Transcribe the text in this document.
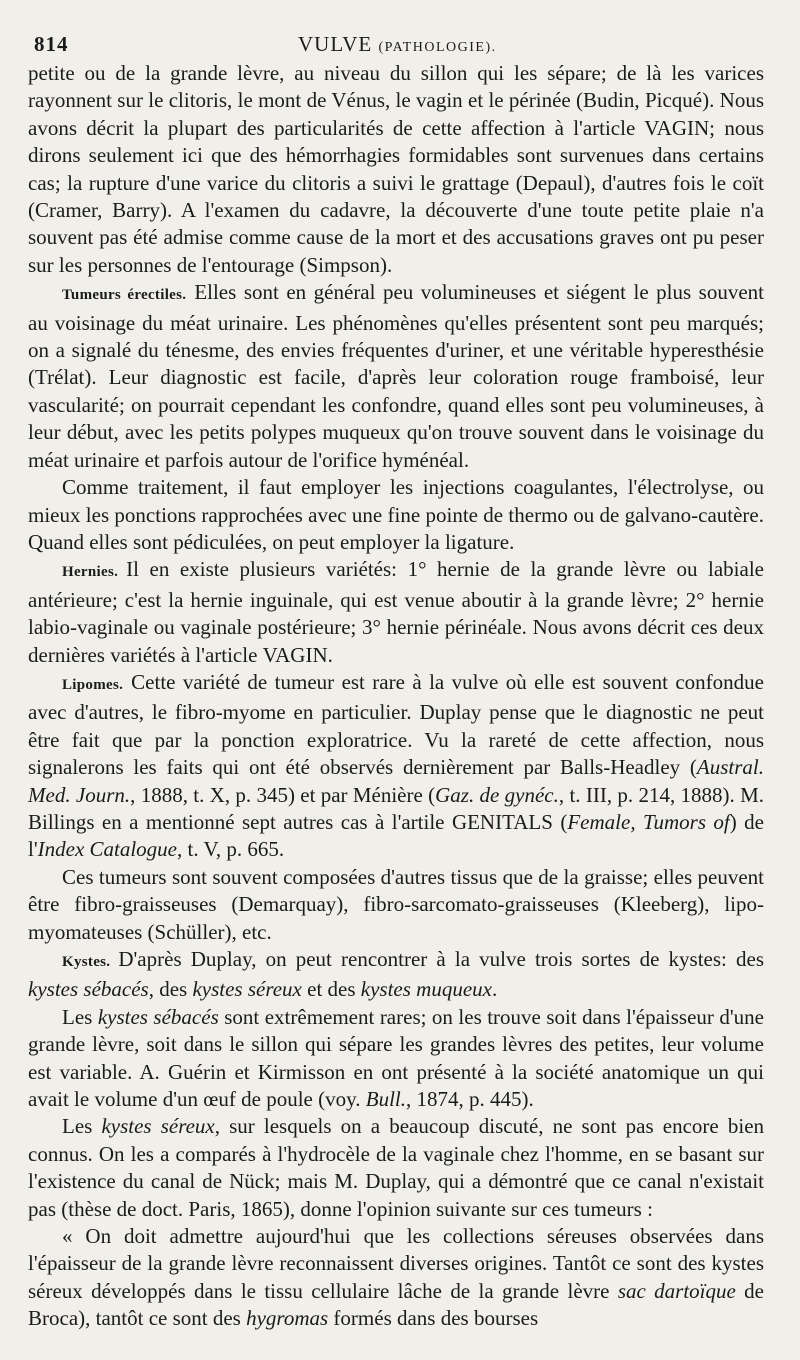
814	VULVE (PATHOLOGIE).

petite ou de la grande lèvre, au niveau du sillon qui les sépare; de là les varices rayonnent sur le clitoris, le mont de Vénus, le vagin et le périnée (Budin, Picqué). Nous avons décrit la plupart des particularités de cette affection à l'article VAGIN; nous dirons seulement ici que des hémorrhagies formidables sont survenues dans certains cas; la rupture d'une varice du clitoris a suivi le grattage (Depaul), d'autres fois le coït (Cramer, Barry). A l'examen du cadavre, la découverte d'une toute petite plaie n'a souvent pas été admise comme cause de la mort et des accusations graves ont pu peser sur les personnes de l'entourage (Simpson).

Tumeurs érectiles. Elles sont en général peu volumineuses et siégent le plus souvent au voisinage du méat urinaire. Les phénomènes qu'elles présentent sont peu marqués; on a signalé du ténesme, des envies fréquentes d'uriner, et une véritable hyperesthésie (Trélat). Leur diagnostic est facile, d'après leur coloration rouge framboisé, leur vascularité; on pourrait cependant les confondre, quand elles sont peu volumineuses, à leur début, avec les petits polypes muqueux qu'on trouve souvent dans le voisinage du méat urinaire et parfois autour de l'orifice hyménéal.

Comme traitement, il faut employer les injections coagulantes, l'électrolyse, ou mieux les ponctions rapprochées avec une fine pointe de thermo ou de galvano-cautère. Quand elles sont pédiculées, on peut employer la ligature.

Hernies. Il en existe plusieurs variétés: 1° hernie de la grande lèvre ou labiale antérieure; c'est la hernie inguinale, qui est venue aboutir à la grande lèvre; 2° hernie labio-vaginale ou vaginale postérieure; 3° hernie périnéale. Nous avons décrit ces deux dernières variétés à l'article VAGIN.

Lipomes. Cette variété de tumeur est rare à la vulve où elle est souvent confondue avec d'autres, le fibro-myome en particulier. Duplay pense que le diagnostic ne peut être fait que par la ponction exploratrice. Vu la rareté de cette affection, nous signalerons les faits qui ont été observés dernièrement par Balls-Headley (Austral. Med. Journ., 1888, t. X, p. 345) et par Ménière (Gaz. de gynéc., t. III, p. 214, 1888). M. Billings en a mentionné sept autres cas à l'artile GENITALS (Female, Tumors of) de l'Index Catalogue, t. V, p. 665.

Ces tumeurs sont souvent composées d'autres tissus que de la graisse; elles peuvent être fibro-graisseuses (Demarquay), fibro-sarcomato-graisseuses (Kleeberg), lipo-myomateuses (Schüller), etc.

Kystes. D'après Duplay, on peut rencontrer à la vulve trois sortes de kystes: des kystes sébacés, des kystes séreux et des kystes muqueux.

Les kystes sébacés sont extrêmement rares; on les trouve soit dans l'épaisseur d'une grande lèvre, soit dans le sillon qui sépare les grandes lèvres des petites, leur volume est variable. A. Guérin et Kirmisson en ont présenté à la société anatomique un qui avait le volume d'un œuf de poule (voy. Bull., 1874, p. 445).

Les kystes séreux, sur lesquels on a beaucoup discuté, ne sont pas encore bien connus. On les a comparés à l'hydrocèle de la vaginale chez l'homme, en se basant sur l'existence du canal de Nück; mais M. Duplay, qui a démontré que ce canal n'existait pas (thèse de doct. Paris, 1865), donne l'opinion suivante sur ces tumeurs :

« On doit admettre aujourd'hui que les collections séreuses observées dans l'épaisseur de la grande lèvre reconnaissent diverses origines. Tantôt ce sont des kystes séreux développés dans le tissu cellulaire lâche de la grande lèvre sac dartoïque de Broca), tantôt ce sont des hygromas formés dans des bourses
